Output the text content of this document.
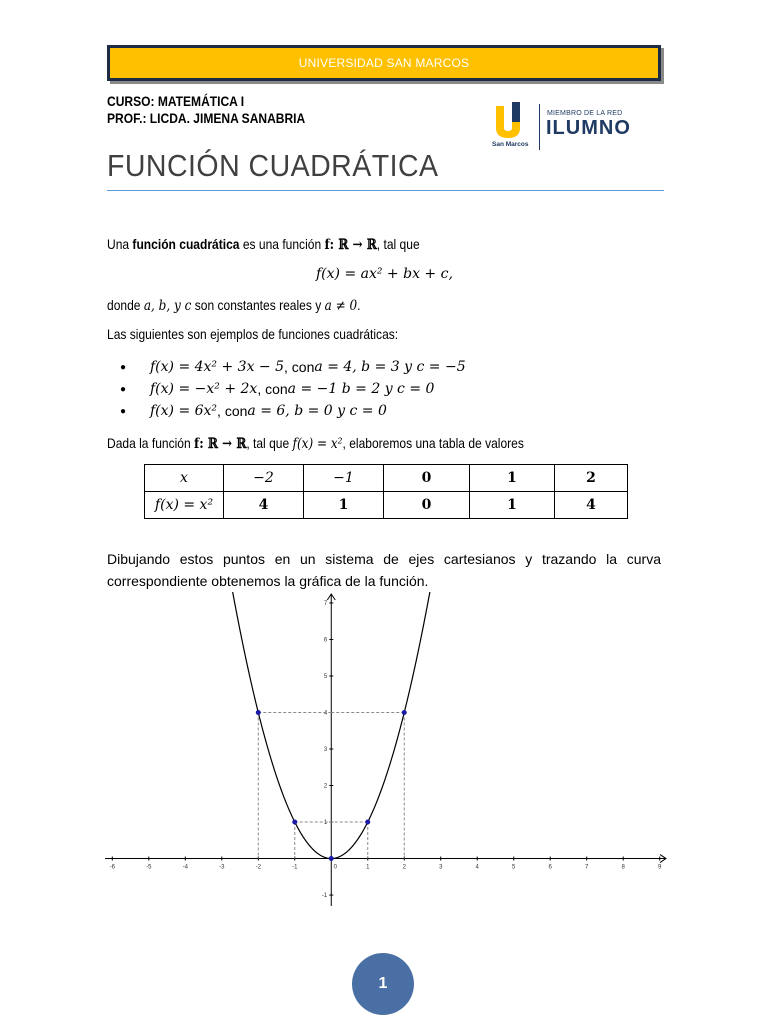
UNIVERSIDAD SAN MARCOS
CURSO: MATEMÁTICA I
PROF.: LICDA. JIMENA SANABRIA
San Marcos
MIEMBRO DE LA RED
ILUMNO
FUNCIÓN CUADRÁTICA
Una función cuadrática es una función f: ℝ → ℝ, tal que
f(x) = ax² + bx + c,
donde a, b, y c son constantes reales y a ≠ 0.
Las siguientes son ejemplos de funciones cuadráticas:
●	f(x) = 4x² + 3x − 5 , con a = 4, b = 3 y c = −5
●	f(x) = −x² + 2x , con a = −1 b = 2 y c = 0
●	f(x) = 6x² , con a = 6, b = 0 y c = 0
Dada la función f: ℝ → ℝ, tal que f(x) = x², elaboremos una tabla de valores
x	−2	−1	0	1	2
f(x) = x²	4	1	0	1	4
Dibujando estos puntos en un sistema de ejes cartesianos y trazando la curva correspondiente obtenemos la gráfica de la función.
-6	-5	-4	-3	-2	-1	0	1	2	3	4	5	6	7	8	9
-1
1
2
3
4
5
6
7
1
